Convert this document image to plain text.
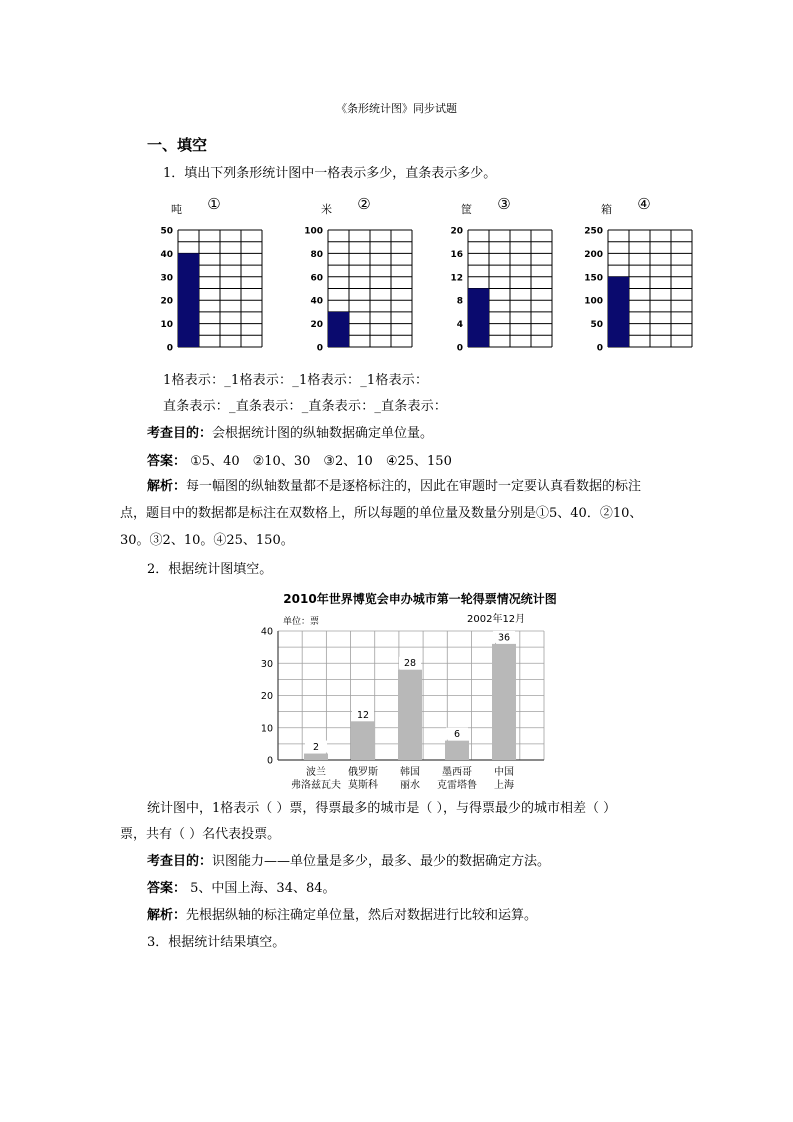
《条形统计图》同步试题
一、填空
1．填出下列条形统计图中一格表示多少，直条表示多少。
0
10
20
30
40
50
吨 ①
0
20
40
60
80
100
米 ②
0
4
8
12
16
20
筐 ③
0
50
100
150
200
250
箱 ④
1格表示：_1格表示：_1格表示：_1格表示：
直条表示：_直条表示：_直条表示：_直条表示：
考查目的：会根据统计图的纵轴数据确定单位量。
答案： ①5、40　②10、30　③2、10　④25、150
解析：每一幅图的纵轴数量都不是逐格标注的，因此在审题时一定要认真看数据的标注点，题目中的数据都是标注在双数格上，所以每题的单位量及数量分别是①5、40．②10、30。③2、10。④25、150。
2．根据统计图填空。
2010年世界博览会申办城市第一轮得票情况统计图
单位：票	2002年12月
0
10
20
30
40
2
波兰
弗洛兹瓦夫
12
俄罗斯
莫斯科
28
韩国
丽水
6
墨西哥
克雷塔鲁
36
中国
上海
统计图中，1格表示（ ）票，得票最多的城市是（ ），与得票最少的城市相差（ ）
票，共有（ ）名代表投票。
考查目的：识图能力——单位量是多少，最多、最少的数据确定方法。
答案： 5、中国上海、34、84。
解析：先根据纵轴的标注确定单位量，然后对数据进行比较和运算。
3．根据统计结果填空。
